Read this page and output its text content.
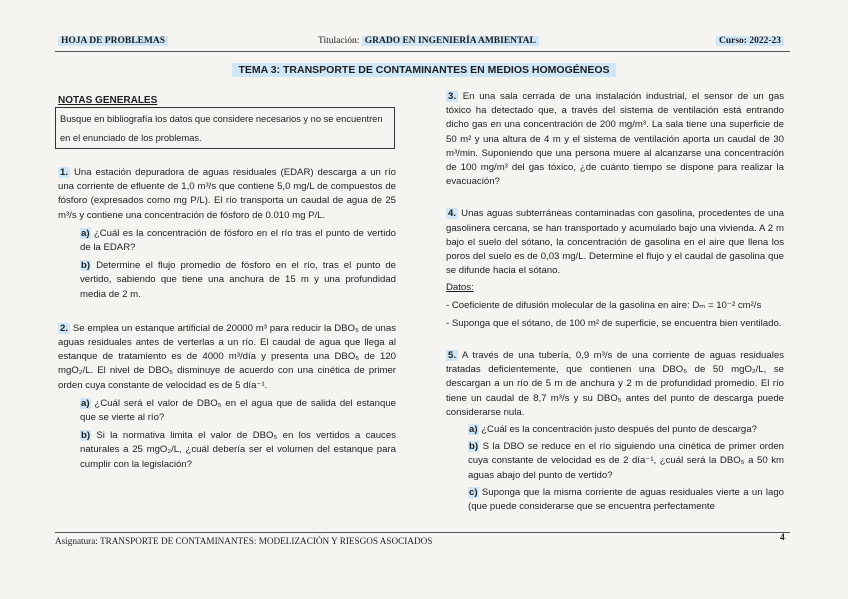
HOJA DE PROBLEMAS	Titulación: GRADO EN INGENIERÍA AMBIENTAL	Curso: 2022-23
TEMA 3: TRANSPORTE DE CONTAMINANTES EN MEDIOS HOMOGÉNEOS
NOTAS GENERALES
Busque en bibliografía los datos que considere necesarios y no se encuentren en el enunciado de los problemas.

1. Una estación depuradora de aguas residuales (EDAR) descarga a un río una corriente de efluente de 1,0 m³/s que contiene 5,0 mg/L de compuestos de fósforo (expresados como mg P/L). El río transporta un caudal de agua de 25 m³/s y contiene una concentración de fósforo de 0.010 mg P/L.

a) ¿Cuál es la concentración de fósforo en el río tras el punto de vertido de la EDAR?

b) Determine el flujo promedio de fósforo en el río, tras el punto de vertido, sabiendo que tiene una anchura de 15 m y una profundidad media de 2 m.

2. Se emplea un estanque artificial de 20000 m³ para reducir la DBO₅ de unas aguas residuales antes de verterlas a un río. El caudal de agua que llega al estanque de tratamiento es de 4000 m³/día y presenta una DBO₅ de 120 mgO₂/L. El nivel de DBO₅ disminuye de acuerdo con una cinética de primer orden cuya constante de velocidad es de 5 día⁻¹.

a) ¿Cuál será el valor de DBO₅ en el agua que de salida del estanque que se vierte al río?

b) Si la normativa limita el valor de DBO₅ en los vertidos a cauces naturales a 25 mgO₂/L, ¿cuál debería ser el volumen del estanque para cumplir con la legislación?

3. En una sala cerrada de una instalación industrial, el sensor de un gas tóxico ha detectado que, a través del sistema de ventilación está entrando dicho gas en una concentración de 200 mg/m³. La sala tiene una superficie de 50 m² y una altura de 4 m y el sistema de ventilación aporta un caudal de 30 m³/min. Suponiendo que una persona muere al alcanzarse una concentración de 100 mg/m³ del gas tóxico, ¿de cuánto tiempo se dispone para realizar la evacuación?

4. Unas aguas subterráneas contaminadas con gasolina, procedentes de una gasolinera cercana, se han transportado y acumulado bajo una vivienda. A 2 m bajo el suelo del sótano, la concentración de gasolina en el aire que llena los poros del suelo es de 0,03 mg/L. Determine el flujo y el caudal de gasolina que se difunde hacia el sótano.

Datos:

- Coeficiente de difusión molecular de la gasolina en aire: Dₘ = 10⁻² cm²/s

- Suponga que el sótano, de 100 m² de superficie, se encuentra bien ventilado.

5. A través de una tubería, 0,9 m³/s de una corriente de aguas residuales tratadas deficientemente, que contienen una DBO₅ de 50 mgO₂/L, se descargan a un río de 5 m de anchura y 2 m de profundidad promedio. El río tiene un caudal de 8,7 m³/s y su DBO₅ antes del punto de descarga puede considerarse nula.

a) ¿Cuál es la concentración justo después del punto de descarga?

b) S la DBO se reduce en el río siguiendo una cinética de primer orden cuya constante de velocidad es de 2 día⁻¹, ¿cuál será la DBO₅ a 50 km aguas abajo del punto de vertido?

c) Suponga que la misma corriente de aguas residuales vierte a un lago (que puede considerarse que se encuentra perfectamente

Asignatura: TRANSPORTE DE CONTAMINANTES: MODELIZACIÓN Y RIESGOS ASOCIADOS	4
